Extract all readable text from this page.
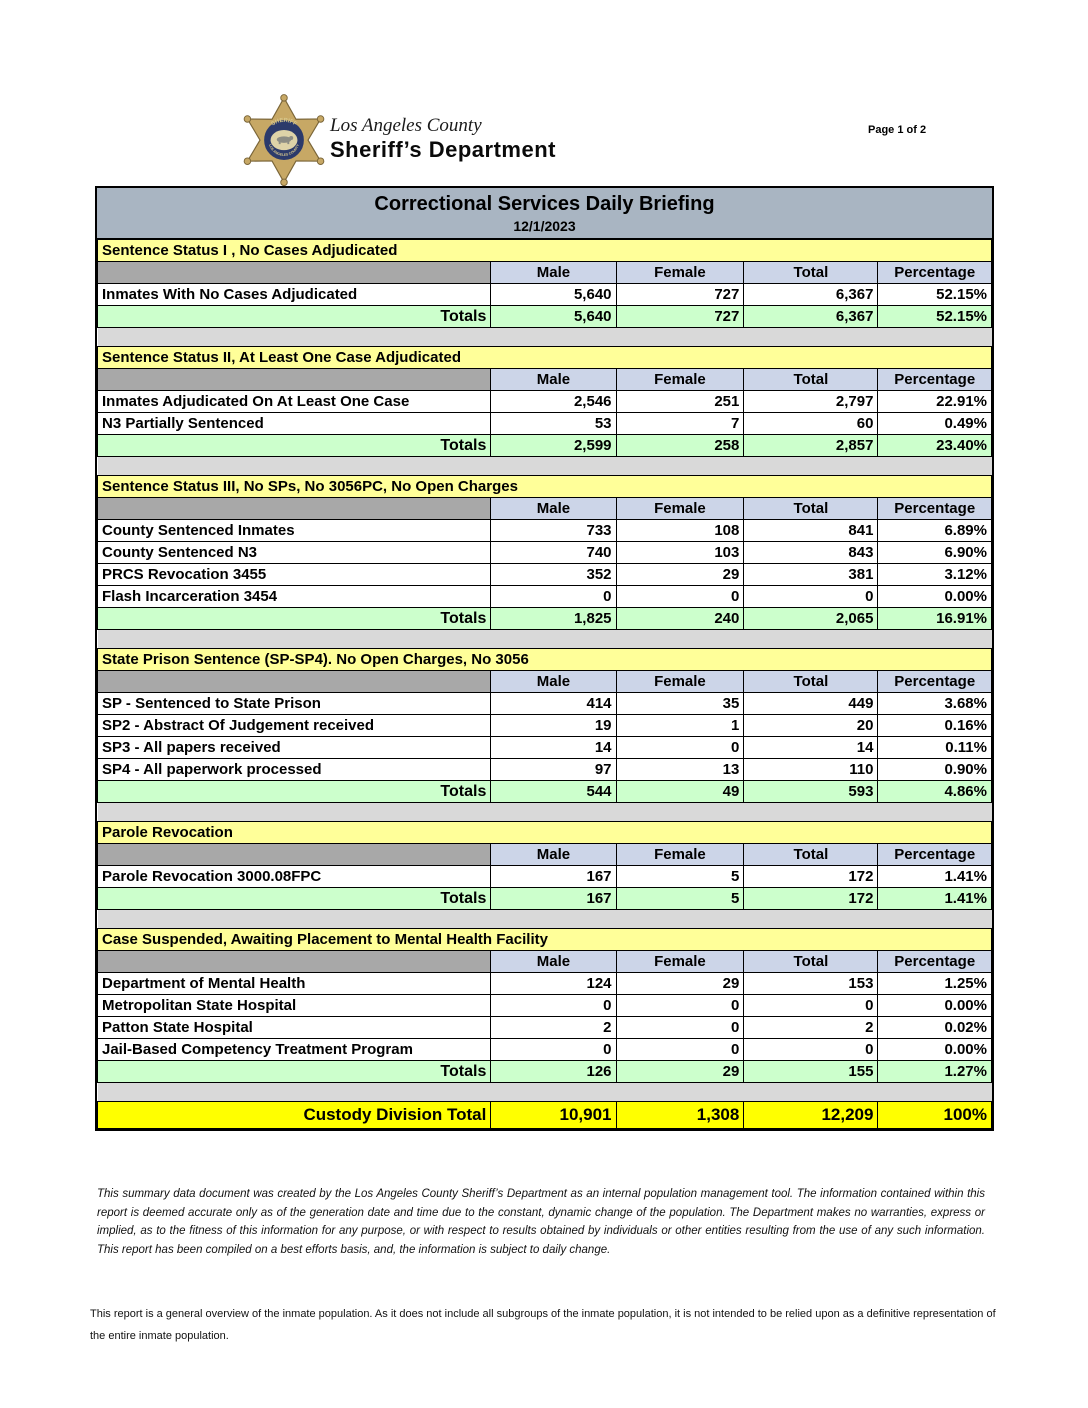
SHERIFF
LOS ANGELES COUNTY
Los Angeles County
Sheriff’s Department
Page 1 of 2
Correctional Services Daily Briefing
12/1/2023
Sentence Status I , No Cases Adjudicated				
	Male	Female	Total	Percentage
Inmates With No Cases Adjudicated	5,640	727	6,367	52.15%
Totals	5,640	727	6,367	52.15%

Sentence Status II, At Least One Case Adjudicated				
	Male	Female	Total	Percentage
Inmates Adjudicated On At Least One Case	2,546	251	2,797	22.91%
N3 Partially Sentenced	53	7	60	0.49%
Totals	2,599	258	2,857	23.40%

Sentence Status III, No SPs, No 3056PC, No Open Charges				
	Male	Female	Total	Percentage
County Sentenced Inmates	733	108	841	6.89%
County Sentenced N3	740	103	843	6.90%
PRCS Revocation 3455	352	29	381	3.12%
Flash Incarceration 3454	0	0	0	0.00%
Totals	1,825	240	2,065	16.91%

State Prison Sentence (SP-SP4). No Open Charges, No 3056				
	Male	Female	Total	Percentage
SP - Sentenced to State Prison	414	35	449	3.68%
SP2 - Abstract Of Judgement received	19	1	20	0.16%
SP3 - All papers received	14	0	14	0.11%
SP4 - All paperwork processed	97	13	110	0.90%
Totals	544	49	593	4.86%

Parole Revocation				
	Male	Female	Total	Percentage
Parole Revocation 3000.08FPC	167	5	172	1.41%
Totals	167	5	172	1.41%

Case Suspended, Awaiting Placement to Mental Health Facility				
	Male	Female	Total	Percentage
Department of Mental Health	124	29	153	1.25%
Metropolitan State Hospital	0	0	0	0.00%
Patton State Hospital	2	0	2	0.02%
Jail-Based Competency Treatment Program	0	0	0	0.00%
Totals	126	29	155	1.27%

Custody Division Total	10,901	1,308	12,209	100%
This summary data document was created by the Los Angeles County Sheriff’s Department as an internal population management tool. The information contained within this report is deemed accurate only as of the generation date and time due to the constant, dynamic change of the population. The Department makes no warranties, express or implied, as to the fitness of this information for any purpose, or with respect to results obtained by individuals or other entities resulting from the use of any such information. This report has been compiled on a best efforts basis, and, the information is subject to daily change.
This report is a general overview of the inmate population. As it does not include all subgroups of the inmate population, it is not intended to be relied upon as a definitive representation of the entire inmate population.
